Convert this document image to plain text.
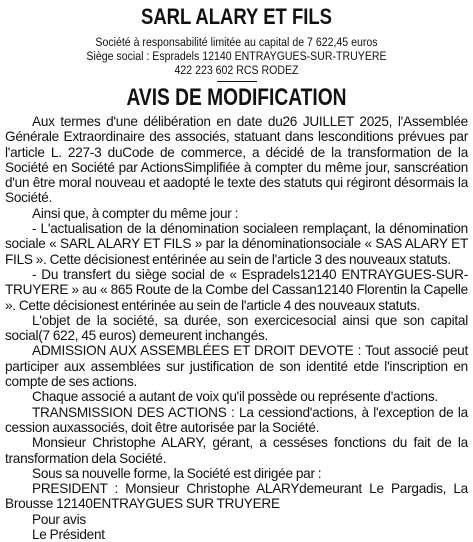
SARL ALARY ET FILS
Société à responsabilité limitée au capital de 7 622,45 euros
Siège social : Espradels 12140 ENTRAYGUES-SUR-TRUYERE
422 223 602 RCS RODEZ
AVIS DE MODIFICATION

Aux termes d'une délibération en date du26 JUILLET 2025, l'Assemblée Générale Extraordinaire des associés, statuant dans lesconditions prévues par l'article L. 227-3 duCode de commerce, a décidé de la transformation de la Société en Société par ActionsSimplifiée à compter du même jour, sanscréation d'un être moral nouveau et aadopté le texte des statuts qui régiront désormais la Société.

Ainsi que, à compter du même jour :

- L'actualisation de la dénomination socialeen remplaçant, la dénomination sociale « SARL ALARY ET FILS » par la dénominationsociale « SAS ALARY ET FILS ». Cette décisionest entérinée au sein de l'article 3 des nouveaux statuts.

- Du transfert du siège social de « Espradels12140 ENTRAYGUES-SUR-TRUYERE » au « 865 Route de la Combe del Cassan12140 Florentin la Capelle ». Cette décisionest entérinée au sein de l'article 4 des nouveaux statuts.

L'objet de la société, sa durée, son exercicesocial ainsi que son capital social(7 622, 45 euros) demeurent inchangés.

ADMISSION AUX ASSEMBLÉES ET DROIT DEVOTE : Tout associé peut participer aux assemblées sur justification de son identité etde l'inscription en compte de ses actions.

Chaque associé a autant de voix qu'il possède ou représente d'actions.

TRANSMISSION DES ACTIONS : La cessiond'actions, à l'exception de la cession auxassociés, doit être autorisée par la Société.

Monsieur Christophe ALARY, gérant, a cesséses fonctions du fait de la transformation dela Société.

Sous sa nouvelle forme, la Société est dirigée par :

PRESIDENT : Monsieur Christophe ALARYdemeurant Le Pargadis, La Brousse 12140ENTRAYGUES SUR TRUYERE

Pour avis

Le Président
